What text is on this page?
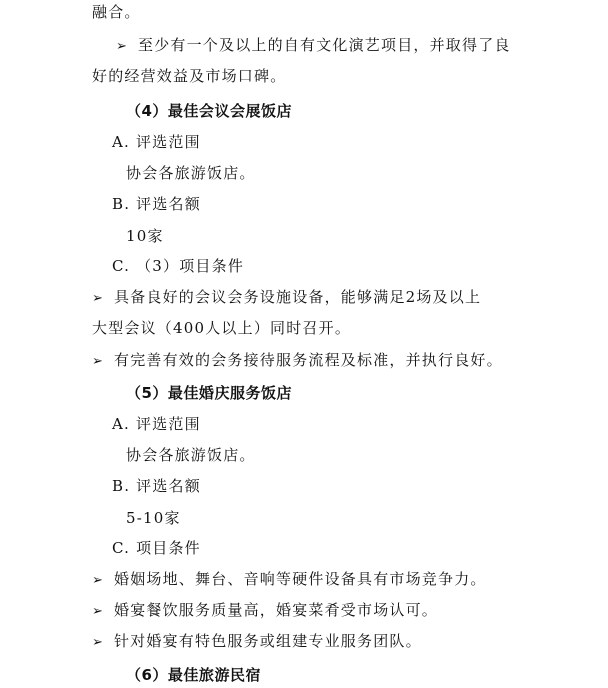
融合。
➢ 至少有一个及以上的自有文化演艺项目，并取得了良
好的经营效益及市场口碑。
（4）最佳会议会展饭店
A. 评选范围
协会各旅游饭店。
B. 评选名额
10家
C. （3）项目条件
➢ 具备良好的会议会务设施设备，能够满足2场及以上
大型会议（400人以上）同时召开。
➢ 有完善有效的会务接待服务流程及标准，并执行良好。
（5）最佳婚庆服务饭店
A. 评选范围
协会各旅游饭店。
B. 评选名额
5-10家
C. 项目条件
➢ 婚姻场地、舞台、音响等硬件设备具有市场竞争力。
➢ 婚宴餐饮服务质量高，婚宴菜肴受市场认可。
➢ 针对婚宴有特色服务或组建专业服务团队。
（6）最佳旅游民宿
